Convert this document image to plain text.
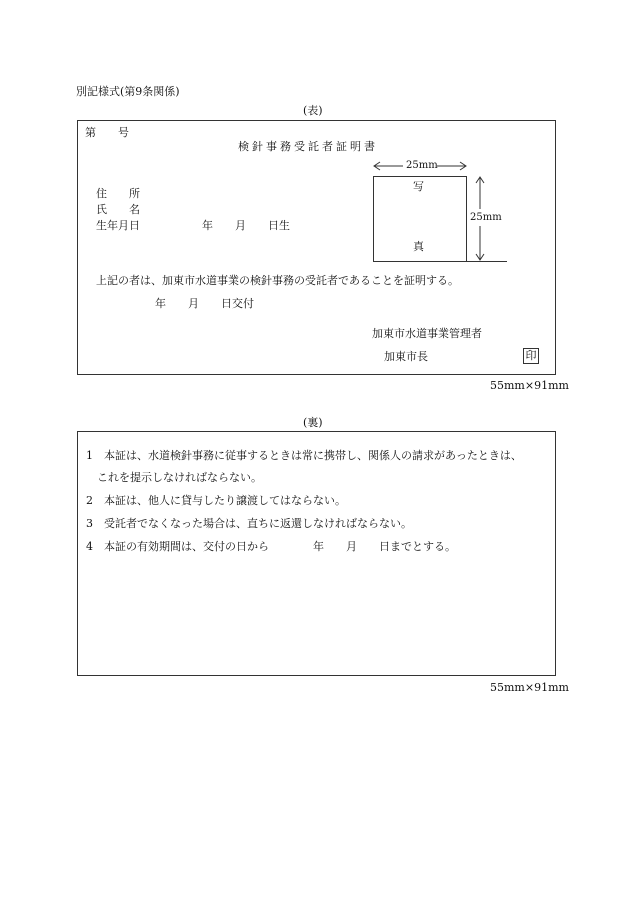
別記様式(第9条関係)
(表)
第　　号
検針事務受託者証明書
住　　所
氏　　名
生年月日	年　　月　　日生
写
真
25mm
25mm
上記の者は、加東市水道事業の検針事務の受託者であることを証明する。
年　　月　　日交付
加東市水道事業管理者
加東市長	印
55mm×91mm
(裏)
1　本証は、水道検針事務に従事するときは常に携帯し、関係人の請求があったときは、
　これを提示しなければならない。
2　本証は、他人に貸与したり譲渡してはならない。
3　受託者でなくなった場合は、直ちに返還しなければならない。
4　本証の有効期間は、交付の日から　　　　年　　月　　日までとする。
55mm×91mm
